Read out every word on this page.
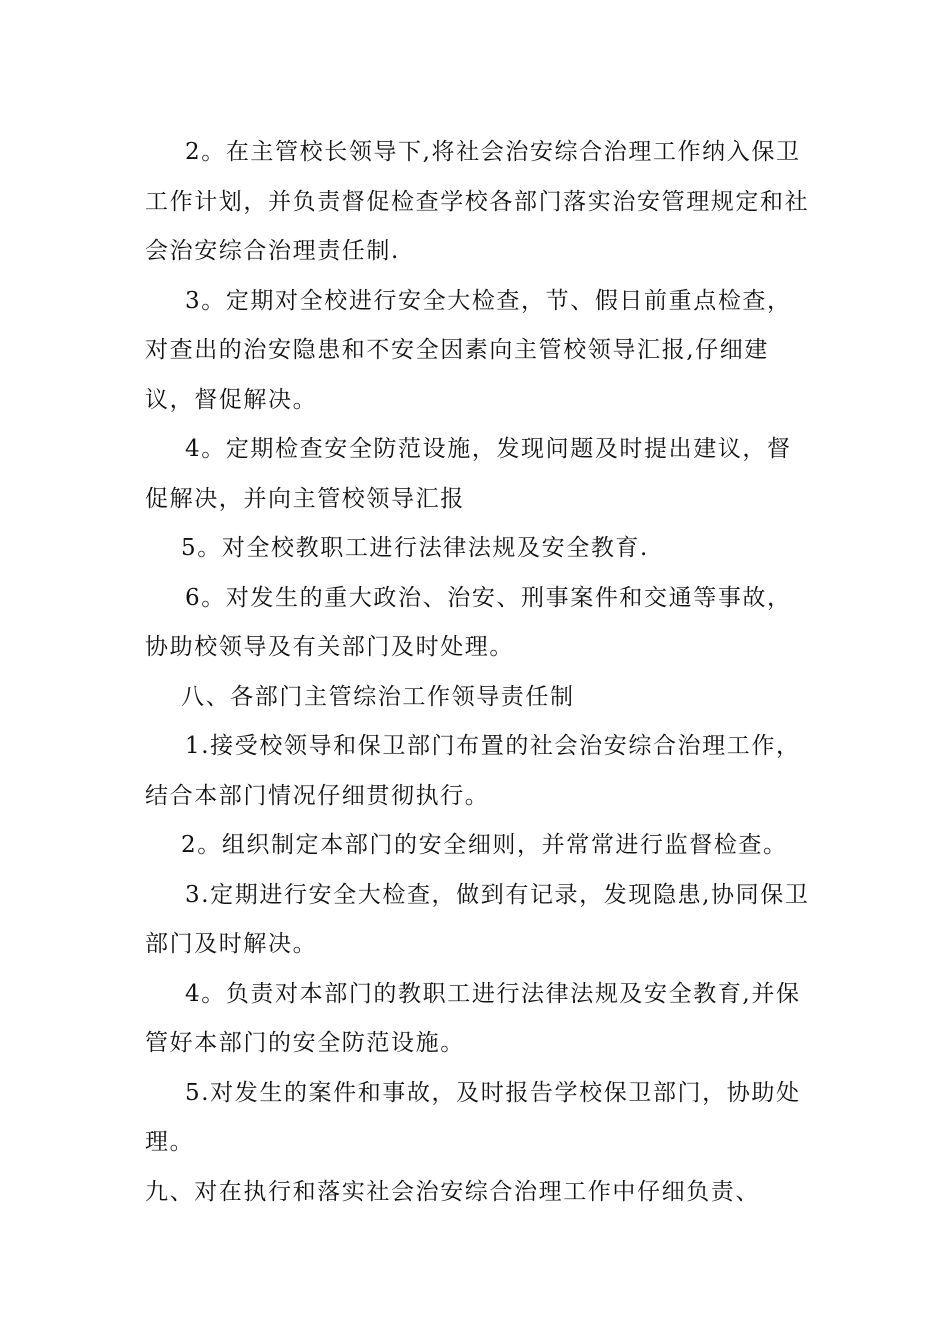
2。在主管校长领导下,将社会治安综合治理工作纳入保卫工作计划，并负责督促检查学校各部门落实治安管理规定和社会治安综合治理责任制.

3。定期对全校进行安全大检查，节、假日前重点检查，对查出的治安隐患和不安全因素向主管校领导汇报,仔细建议，督促解决。

4。定期检查安全防范设施，发现问题及时提出建议，督促解决，并向主管校领导汇报

5。对全校教职工进行法律法规及安全教育.

6。对发生的重大政治、治安、刑事案件和交通等事故，协助校领导及有关部门及时处理。

八、各部门主管综治工作领导责任制

1.接受校领导和保卫部门布置的社会治安综合治理工作，结合本部门情况仔细贯彻执行。

2。组织制定本部门的安全细则，并常常进行监督检查。

3.定期进行安全大检查，做到有记录，发现隐患,协同保卫部门及时解决。

4。负责对本部门的教职工进行法律法规及安全教育,并保管好本部门的安全防范设施。

5.对发生的案件和事故，及时报告学校保卫部门，协助处理。

九、对在执行和落实社会治安综合治理工作中仔细负责、
